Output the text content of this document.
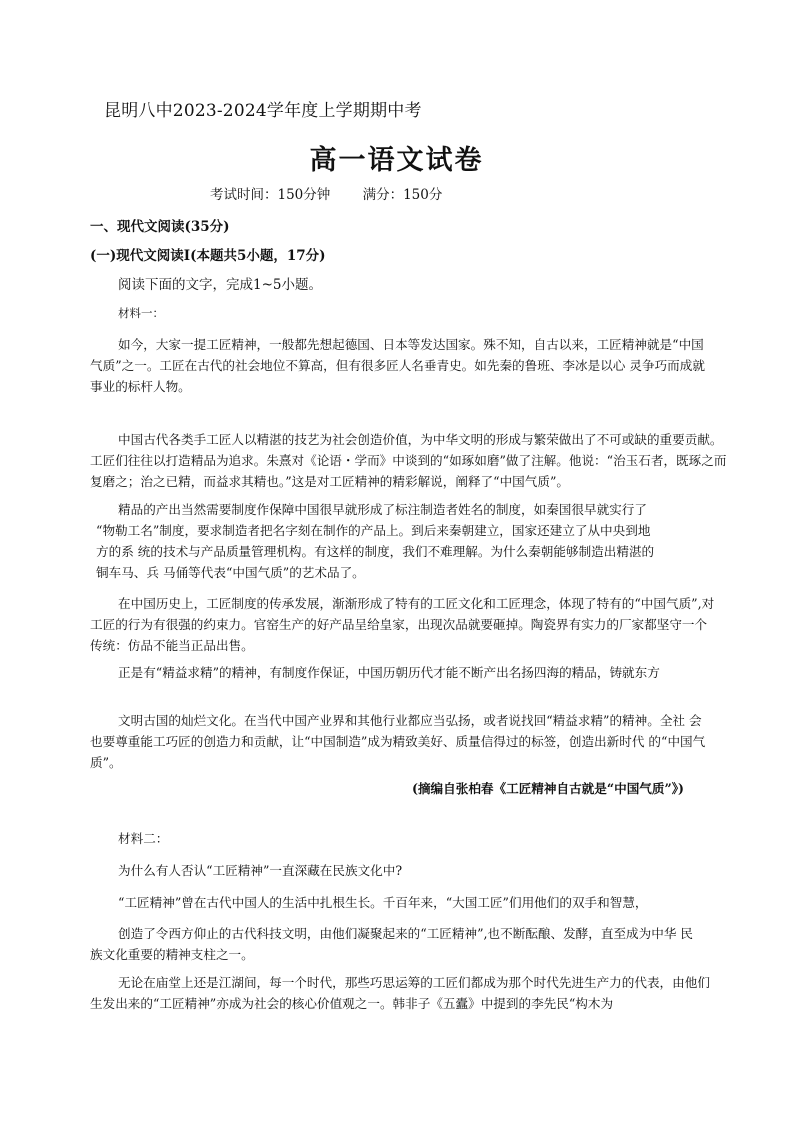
昆明八中2023-2024学年度上学期期中考
高一语文试卷
考试时间：150分钟 满分：150分
一、现代文阅读(35分)
(一)现代文阅读I(本题共5小题，17分)
阅读下面的文字，完成1~5小题。
材料一：

如今，大家一提工匠精神，一般都先想起德国、日本等发达国家。殊不知，自古以来，工匠精神就是“中国气质”之一。工匠在古代的社会地位不算高，但有很多匠人名垂青史。如先秦的鲁班、李冰是以心 灵争巧而成就事业的标杆人物。

中国古代各类手工匠人以精湛的技艺为社会创造价值，为中华文明的形成与繁荣做出了不可或缺的重要贡献。工匠们往往以打造精品为追求。朱熹对《论语・学而》中谈到的“如琢如磨”做了注解。他说：“治玉石者，既琢之而复磨之；治之已精，而益求其精也。”这是对工匠精神的精彩解说，阐释了“中国气质”。

精品的产出当然需要制度作保障中国很早就形成了标注制造者姓名的制度，如秦国很早就实行了
“物勒工名”制度，要求制造者把名字刻在制作的产品上。到后来秦朝建立，国家还建立了从中央到地
方的系 统的技术与产品质量管理机构。有这样的制度，我们不难理解。为什么秦朝能够制造出精湛的
铜车马、兵 马俑等代表“中国气质”的艺术品了。

在中国历史上，工匠制度的传承发展，渐渐形成了特有的工匠文化和工匠理念，体现了特有的“中国气质”,对工匠的行为有很强的约束力。官窑生产的好产品呈给皇家，出现次品就要砸掉。陶瓷界有实力的厂家都坚守一个传统：仿品不能当正品出售。

正是有“精益求精”的精神，有制度作保证，中国历朝历代才能不断产出名扬四海的精品，铸就东方

文明古国的灿烂文化。在当代中国产业界和其他行业都应当弘扬，或者说找回“精益求精”的精神。全社 会也要尊重能工巧匠的创造力和贡献，让“中国制造”成为精致美好、质量信得过的标签，创造出新时代 的“中国气质”。

(摘编自张柏春《工匠精神自古就是“中国气质”》)
材料二：
为什么有人否认“工匠精神”一直深藏在民族文化中?
“工匠精神”曾在古代中国人的生活中扎根生长。千百年来，“大国工匠”们用他们的双手和智慧，

创造了令西方仰止的古代科技文明，由他们凝聚起来的“工匠精神”,也不断酝酿、发酵，直至成为中华 民族文化重要的精神支柱之一。

无论在庙堂上还是江湖间，每一个时代，那些巧思运筹的工匠们都成为那个时代先进生产力的代表，由他们生发出来的“工匠精神”亦成为社会的核心价值观之一。韩非子《五蠹》中提到的李先民“构木为
